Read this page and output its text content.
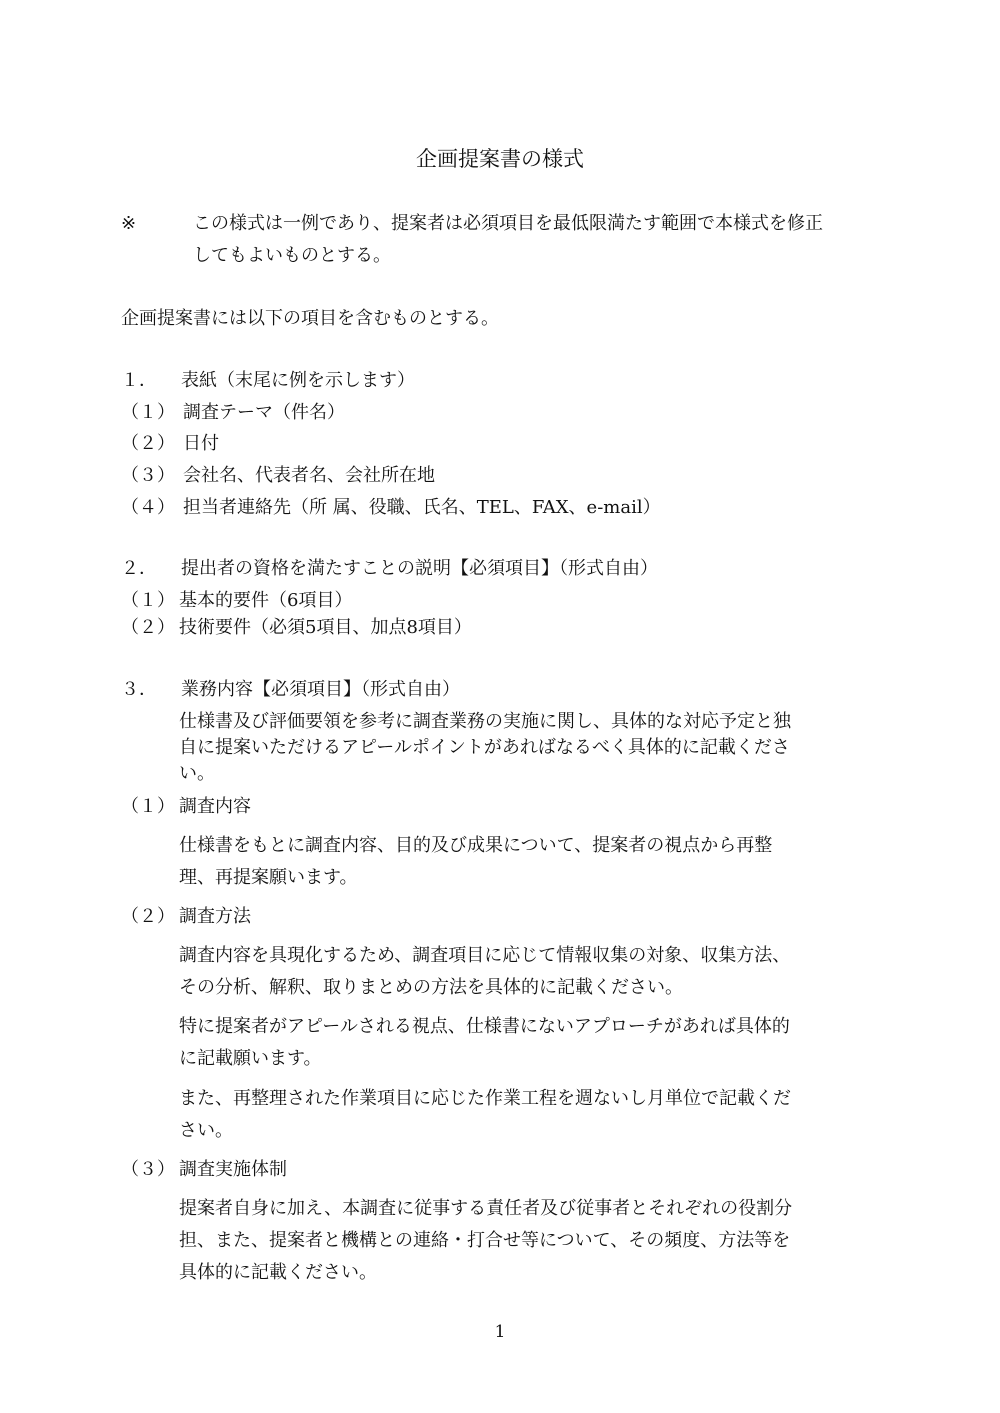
企画提案書の様式
※	この様式は一例であり、提案者は必須項目を最低限満たす範囲で本様式を修正
してもよいものとする。
企画提案書には以下の項目を含むものとする。
１． 表紙（末尾に例を示します）
（１） 調査テーマ（件名）
（２） 日付
（３） 会社名、代表者名、会社所在地
（４） 担当者連絡先（所 属、役職、氏名、TEL、FAX、e-mail）
２． 提出者の資格を満たすことの説明【必須項目】（形式自由）
（１） 基本的要件（6項目）
（２） 技術要件（必須5項目、加点8項目）
３． 業務内容【必須項目】（形式自由）
仕様書及び評価要領を参考に調査業務の実施に関し、具体的な対応予定と独
自に提案いただけるアピールポイントがあればなるべく具体的に記載くださ
い。
（１） 調査内容
仕様書をもとに調査内容、目的及び成果について、提案者の視点から再整
理、再提案願います。
（２） 調査方法
調査内容を具現化するため、調査項目に応じて情報収集の対象、収集方法、
その分析、解釈、取りまとめの方法を具体的に記載ください。
特に提案者がアピールされる視点、仕様書にないアプローチがあれば具体的
に記載願います。
また、再整理された作業項目に応じた作業工程を週ないし月単位で記載くだ
さい。
（３） 調査実施体制
提案者自身に加え、本調査に従事する責任者及び従事者とそれぞれの役割分
担、また、提案者と機構との連絡・打合せ等について、その頻度、方法等を
具体的に記載ください。
1
